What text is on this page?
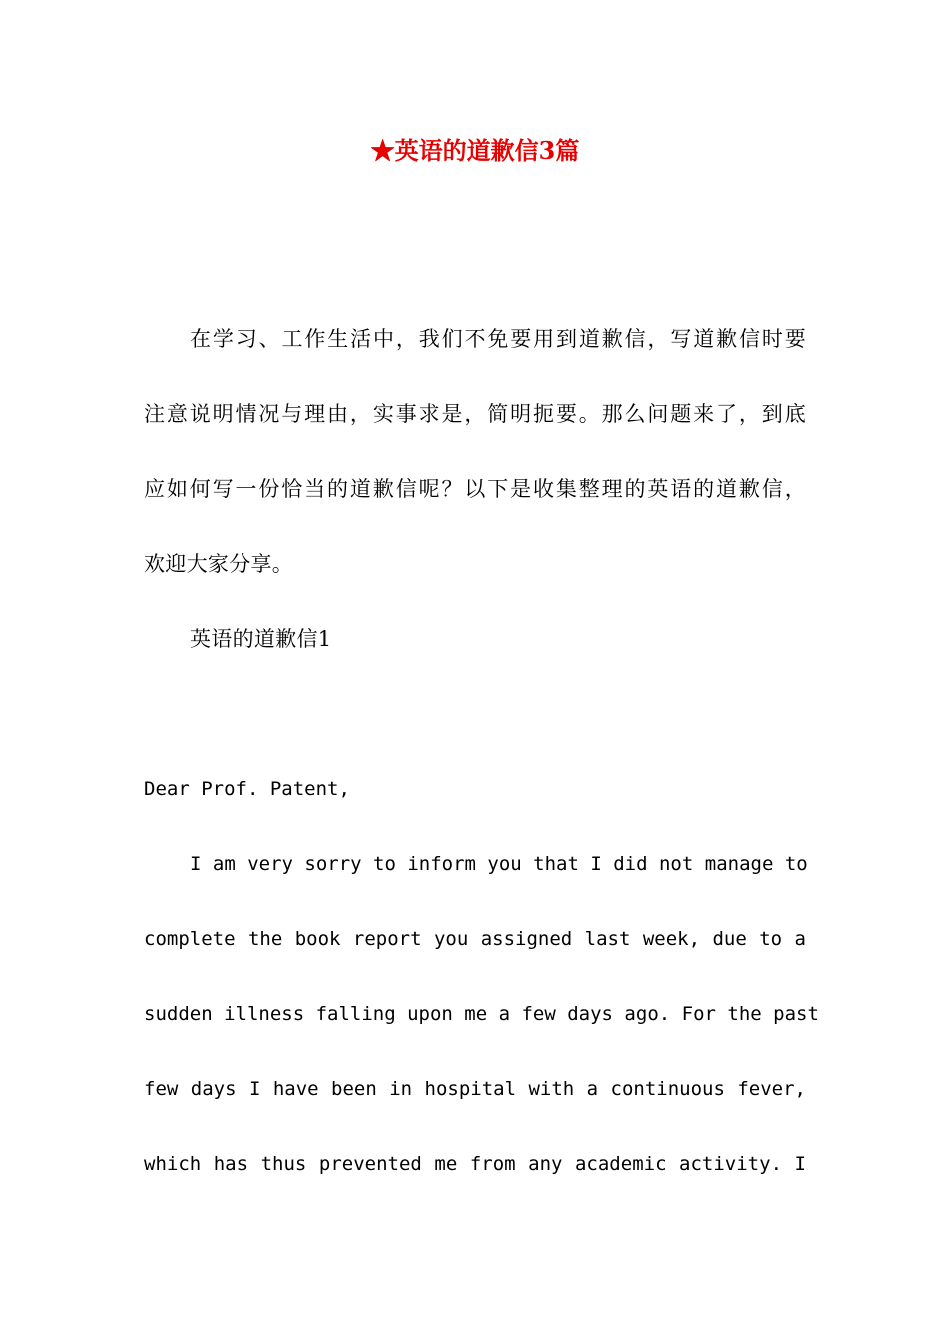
★英语的道歉信3篇
在学习、工作生活中，我们不免要用到道歉信，写道歉信时要
注意说明情况与理由，实事求是，简明扼要。那么问题来了，到底
应如何写一份恰当的道歉信呢？以下是收集整理的英语的道歉信，
欢迎大家分享。
英语的道歉信1
Dear Prof. Patent,
I am very sorry to inform you that I did not manage to
complete the book report you assigned last week, due to a
sudden illness falling upon me a few days ago. For the past
few days I have been in hospital with a continuous fever,
which has thus prevented me from any academic activity. I
